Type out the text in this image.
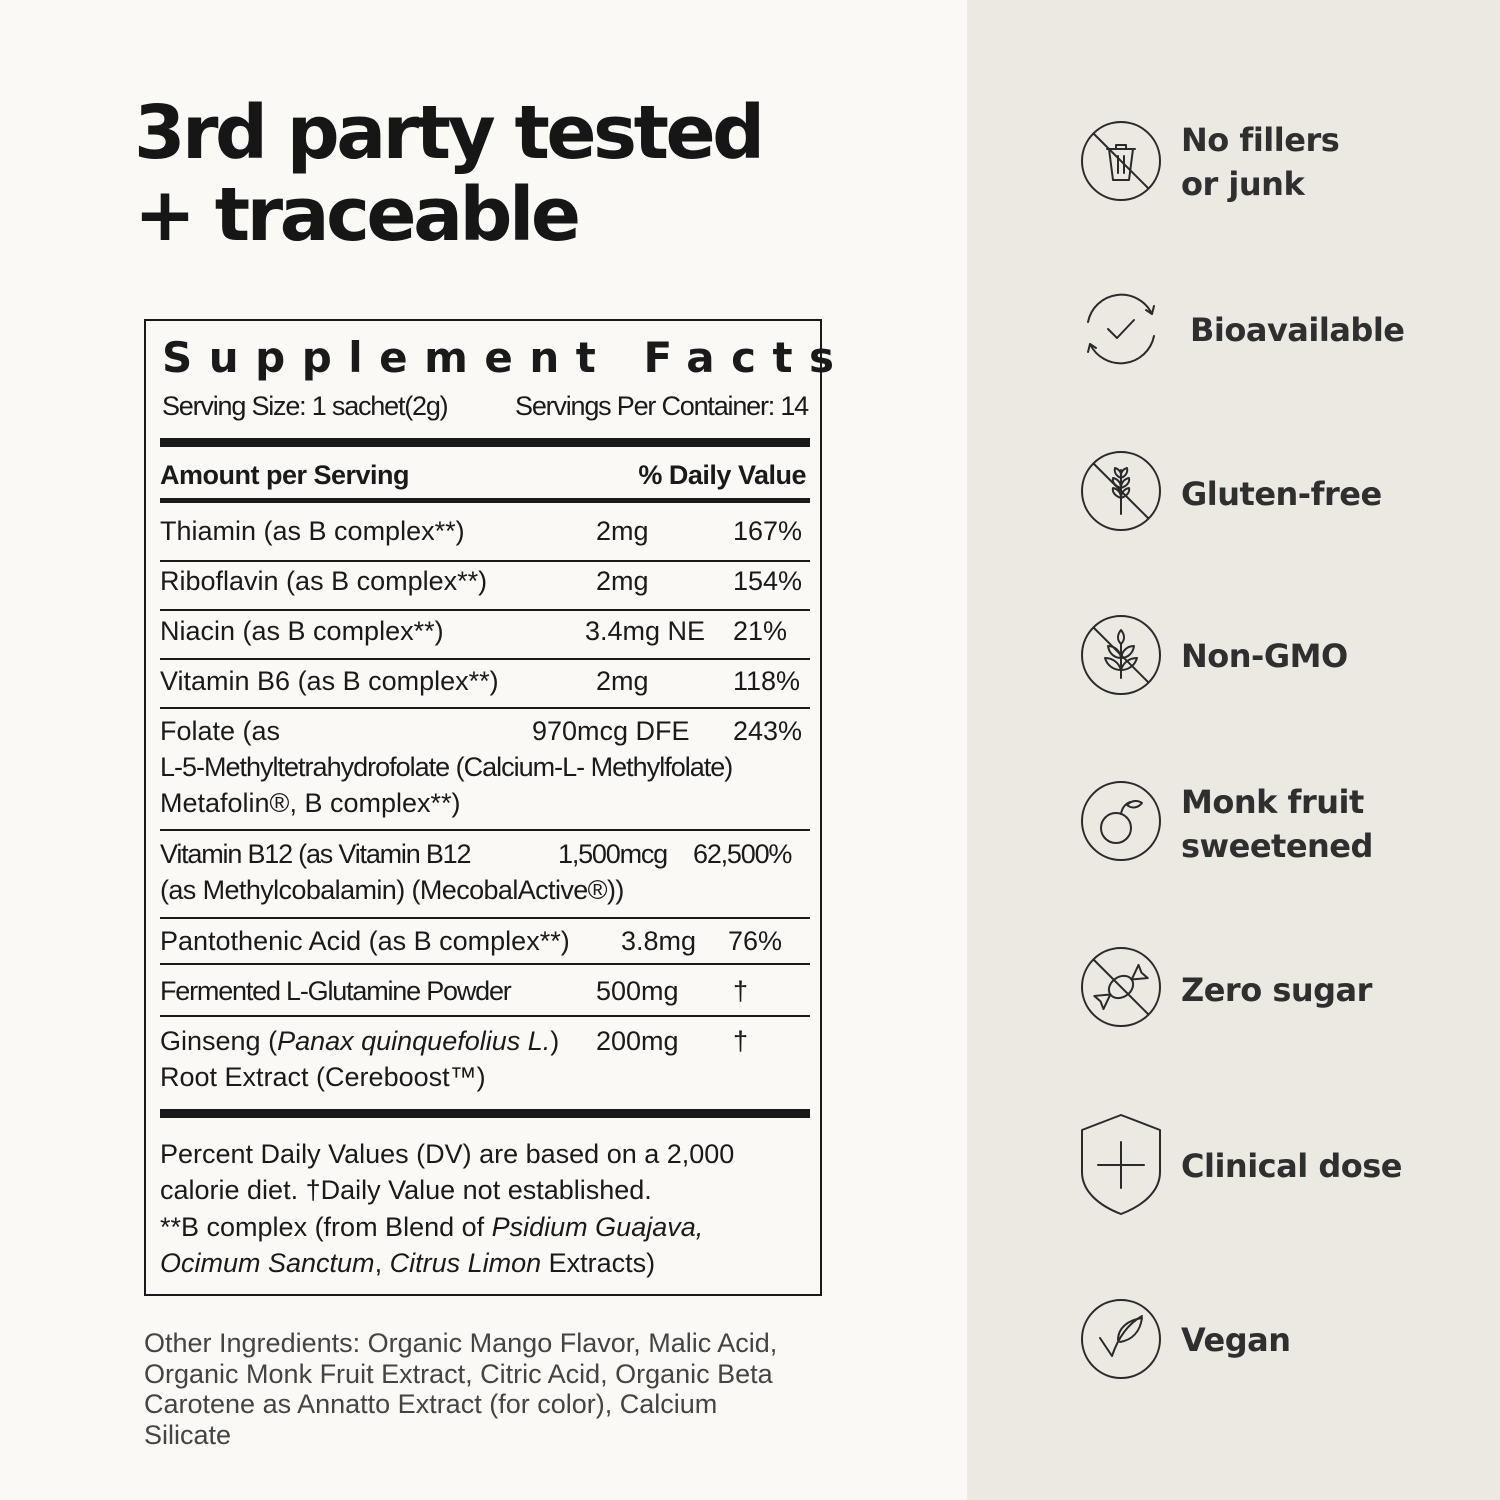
3rd party tested
+ traceable
Supplement Facts
Serving Size: 1 sachet(2g)	Servings Per Container: 14
Amount per Serving	% Daily Value
Thiamin (as B complex**)	2mg	167%
Riboflavin (as B complex**)	2mg	154%
Niacin (as B complex**)	3.4mg NE 21%
Vitamin B6 (as B complex**)	2mg	118%
Folate (as	970mcg DFE 243%
L-5-Methyltetrahydrofolate (Calcium-L- Methylfolate)
Metafolin®, B complex**)
Vitamin B12 (as Vitamin B12	1,500mcg 62,500%
(as Methylcobalamin) (MecobalActive®))
Pantothenic Acid (as B complex**) 3.8mg 76%
Fermented L-Glutamine Powder	500mg †
Ginseng (Panax quinquefolius L.) 200mg †
Root Extract (Cereboost™)

Percent Daily Values (DV) are based on a 2,000

calorie diet. †Daily Value not established.

**B complex (from Blend of Psidium Guajava,

Ocimum Sanctum, Citrus Limon Extracts)

Other Ingredients: Organic Mango Flavor, Malic Acid, Organic Monk Fruit Extract, Citric Acid, Organic Beta Carotene as Annatto Extract (for color), Calcium Silicate
No fillers
or junk
Bioavailable
Gluten-free
Non-GMO
Monk fruit
sweetened
Zero sugar
Clinical dose
Vegan
